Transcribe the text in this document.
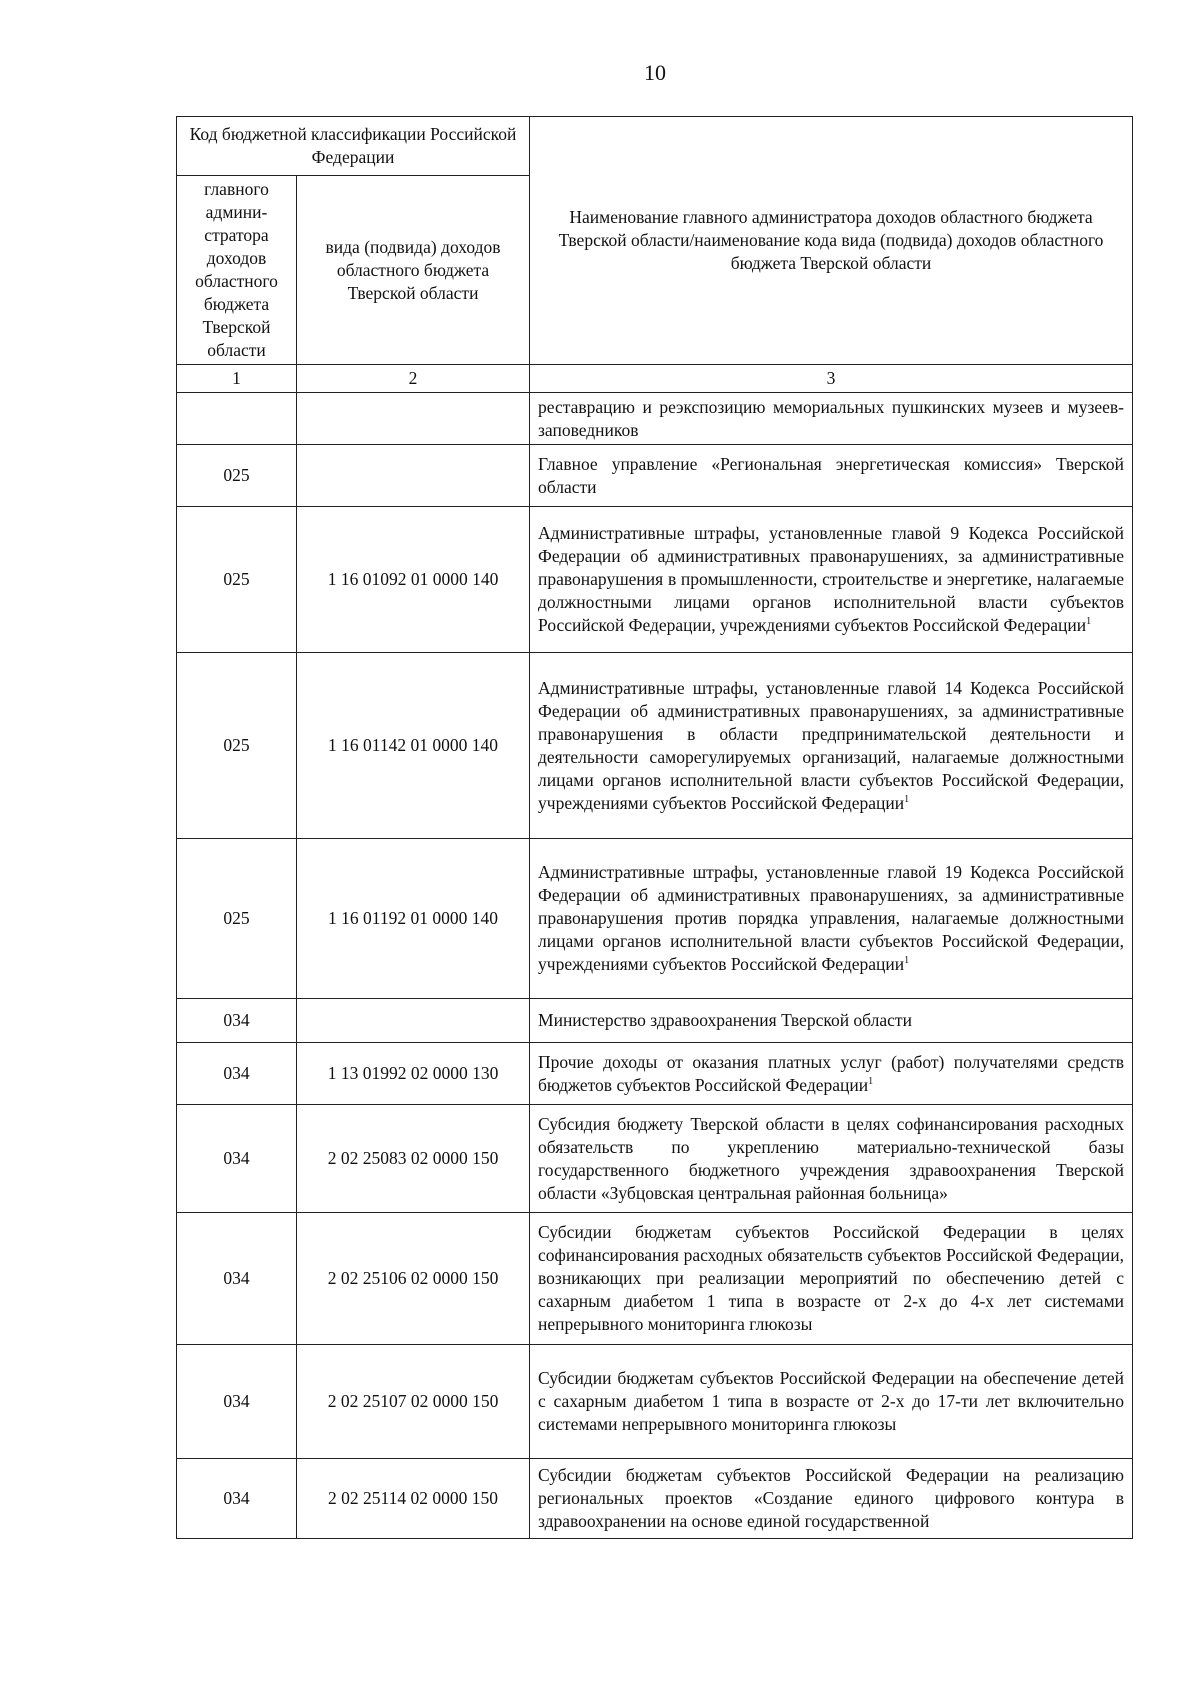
10
Код бюджетной классификации Российской Федерации		Наименование главного администратора доходов областного бюджета Тверской области/наименование кода вида (подвида) доходов областного бюджета Тверской области
главного админи-стратора доходов областного бюджета Тверской области	вида (подвида) доходов областного бюджета Тверской области	
1	2	3
		реставрацию и реэкспозицию мемориальных пушкинских музеев и музеев-заповедников
025		Главное управление «Региональная энергетическая комиссия» Тверской области
025	1 16 01092 01 0000 140	Административные штрафы, установленные главой 9 Кодекса Российской Федерации об административных правонарушениях, за административные правонарушения в промышленности, строительстве и энергетике, налагаемые должностными лицами органов исполнительной власти субъектов Российской Федерации, учреждениями субъектов Российской Федерации$^1$
025	1 16 01142 01 0000 140	Административные штрафы, установленные главой 14 Кодекса Российской Федерации об административных правонарушениях, за административные правонарушения в области предпринимательской деятельности и деятельности саморегулируемых организаций, налагаемые должностными лицами органов исполнительной власти субъектов Российской Федерации, учреждениями субъектов Российской Федерации$^1$
025	1 16 01192 01 0000 140	Административные штрафы, установленные главой 19 Кодекса Российской Федерации об административных правонарушениях, за административные правонарушения против порядка управления, налагаемые должностными лицами органов исполнительной власти субъектов Российской Федерации, учреждениями субъектов Российской Федерации$^1$
034		Министерство здравоохранения Тверской области
034	1 13 01992 02 0000 130	Прочие доходы от оказания платных услуг (работ) получателями средств бюджетов субъектов Российской Федерации$^1$
034	2 02 25083 02 0000 150	Субсидия бюджету Тверской области в целях софинансирования расходных обязательств по укреплению материально-технической базы государственного бюджетного учреждения здравоохранения Тверской области «Зубцовская центральная районная больница»
034	2 02 25106 02 0000 150	Субсидии бюджетам субъектов Российской Федерации в целях софинансирования расходных обязательств субъектов Российской Федерации, возникающих при реализации мероприятий по обеспечению детей с сахарным диабетом 1 типа в возрасте от 2-х до 4-х лет системами непрерывного мониторинга глюкозы
034	2 02 25107 02 0000 150	Субсидии бюджетам субъектов Российской Федерации на обеспечение детей с сахарным диабетом 1 типа в возрасте от 2-х до 17-ти лет включительно системами непрерывного мониторинга глюкозы
034	2 02 25114 02 0000 150	Субсидии бюджетам субъектов Российской Федерации на реализацию региональных проектов «Создание единого цифрового контура в здравоохранении на основе единой государственной
